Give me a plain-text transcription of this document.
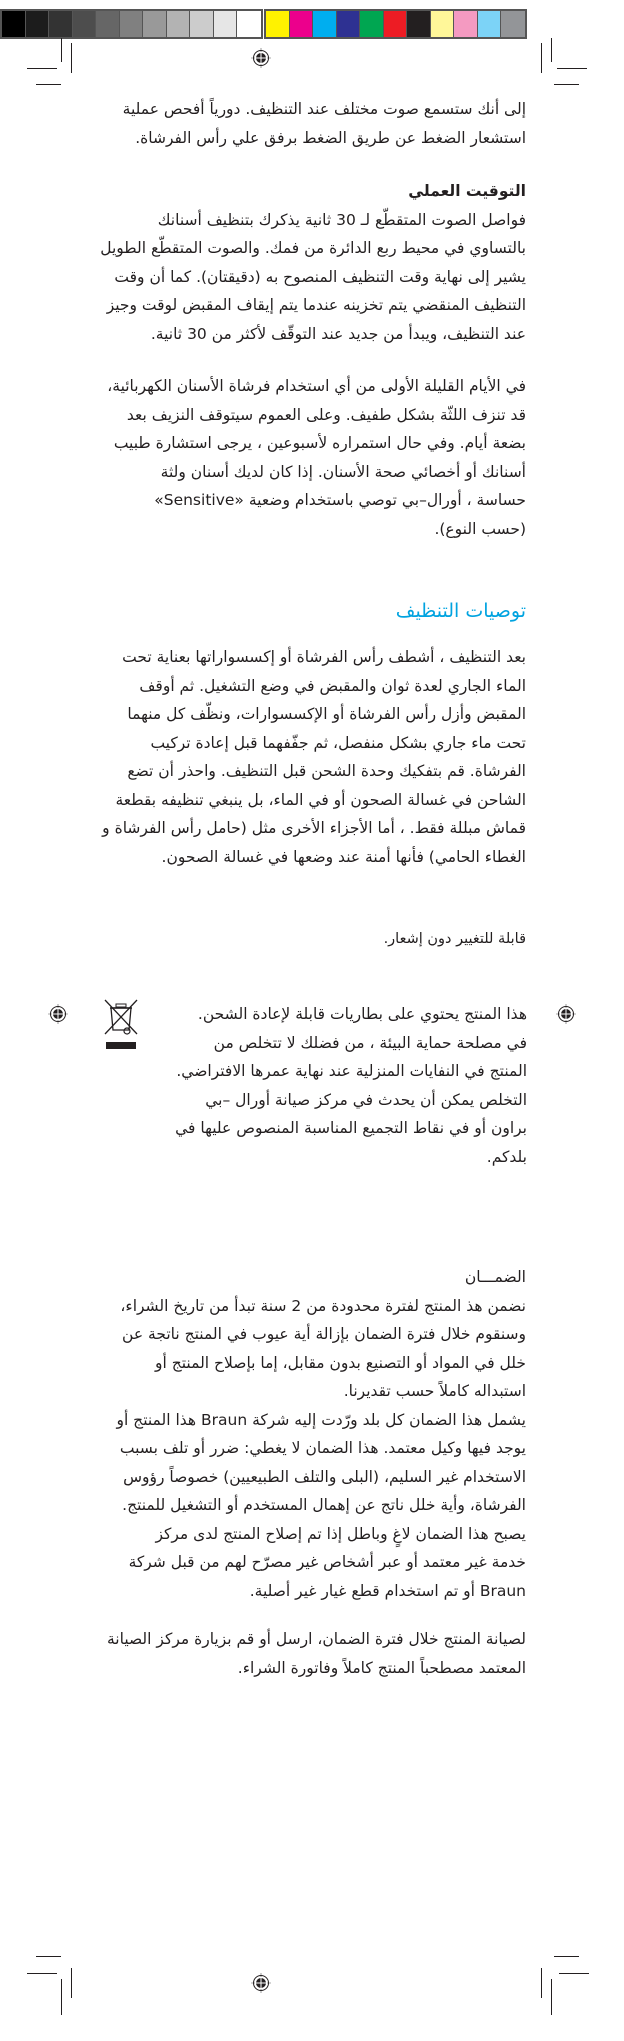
إلى أنك ستسمع صوت مختلف عند التنظيف. دورياً أفحص عملية
استشعار الضغط عن طريق الضغط برفق علي رأس الفرشاة.
التوقيت العملي
فواصل الصوت المتقطّع لـ 30 ثانية يذكرك بتنظيف أسنانك
بالتساوي في محيط ربع الدائرة من فمك. والصوت المتقطّع الطويل
يشير إلى نهاية وقت التنظيف المنصوح به (دقيقتان). كما أن وقت
التنظيف المنقضي يتم تخزينه عندما يتم إيقاف المقبض لوقت وجيز
عند التنظيف، ويبدأ من جديد عند التوقّف لأكثر من 30 ثانية.
في الأيام القليلة الأولى من أي استخدام فرشاة الأسنان الكهربائية،
قد تنزف اللثّة بشكل طفيف. وعلى العموم سيتوقف النزيف بعد
بضعة أيام. وفي حال استمراره لأسبوعين ، يرجى استشارة طبيب
أسنانك أو أخصائي صحة الأسنان. إذا كان لديك أسنان ولثة
حساسة ، أورال–بي توصي باستخدام وضعية «Sensitive»
(حسب النوع).
توصيات التنظيف
بعد التنظيف ، أشطف رأس الفرشاة أو إكسسواراتها بعناية تحت
الماء الجاري لعدة ثوان والمقبض في وضع التشغيل. ثم أوقف
المقبض وأزل رأس الفرشاة أو الإكسسوارات، ونظّف كل منهما
تحت ماء جاري بشكل منفصل، ثم جفّفهما قبل إعادة تركيب
الفرشاة. قم بتفكيك وحدة الشحن قبل التنظيف. واحذر أن تضع
الشاحن في غسالة الصحون أو في الماء، بل ينبغي تنظيفه بقطعة
قماش مبللة فقط. ، أما الأجزاء الأخرى مثل (حامل رأس الفرشاة و
الغطاء الحامي) فأنها أمنة عند وضعها في غسالة الصحون.
قابلة للتغيير دون إشعار.
هذا المنتج يحتوي على بطاريات قابلة لإعادة الشحن.
في مصلحة حماية البيئة ، من فضلك لا تتخلص من
المنتج في النفايات المنزلية عند نهاية عمرها الافتراضي.
التخلص يمكن أن يحدث في مركز صيانة أورال –بي
براون أو في نقاط التجميع المناسبة المنصوص عليها في
بلدكم.
الضمـــان
نضمن هذ المنتج لفترة محدودة من 2 سنة تبدأ من تاريخ الشراء،
وسنقوم خلال فترة الضمان بإزالة أية عيوب في المنتج ناتجة عن
خلل في المواد أو التصنيع بدون مقابل، إما بإصلاح المنتج أو
استبداله كاملاً حسب تقديرنا.
يشمل هذا الضمان كل بلد ورّدت إليه شركة Braun هذا المنتج أو
يوجد فيها وكيل معتمد. هذا الضمان لا يغطي: ضرر أو تلف بسبب
الاستخدام غير السليم، (البلى والتلف الطبيعيين) خصوصاً رؤوس
الفرشاة، وأية خلل ناتج عن إهمال المستخدم أو التشغيل للمنتج.
يصبح هذا الضمان لاغٍ وباطل إذا تم إصلاح المنتج لدى مركز
خدمة غير معتمد أو عبر أشخاص غير مصرّح لهم من قبل شركة
Braun أو تم استخدام قطع غيار غير أصلية.
لصيانة المنتج خلال فترة الضمان، ارسل أو قم بزيارة مركز الصيانة
المعتمد مصطحباً المنتج كاملاً وفاتورة الشراء.
